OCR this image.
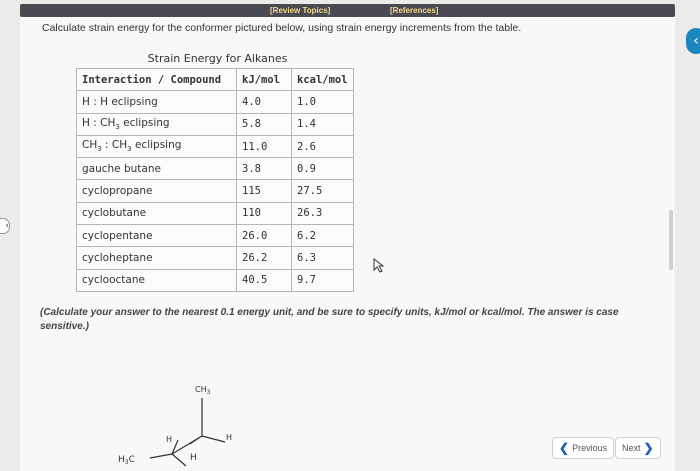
[Review Topics]	[References]
‹
‹
Calculate strain energy for the conformer pictured below, using strain energy increments from the table.
Strain Energy for Alkanes
Interaction / Compound	kJ/mol	kcal/mol
H : H eclipsing	4.0	1.0
H : $CH_3$ eclipsing	5.8	1.4
$CH_3$ : $CH_3$ eclipsing	11.0	2.6
gauche butane	3.8	0.9
cyclopropane	115	27.5
cyclobutane	110	26.3
cyclopentane	26.0	6.2
cycloheptane	26.2	6.3
cyclooctane	40.5	9.7
(Calculate your answer to the nearest 0.1 energy unit, and be sure to specify units, kJ/mol or kcal/mol. The answer is case sensitive.)
$CH_3$
$H_3C$
H	H
H
❮ Previous Next ❯
